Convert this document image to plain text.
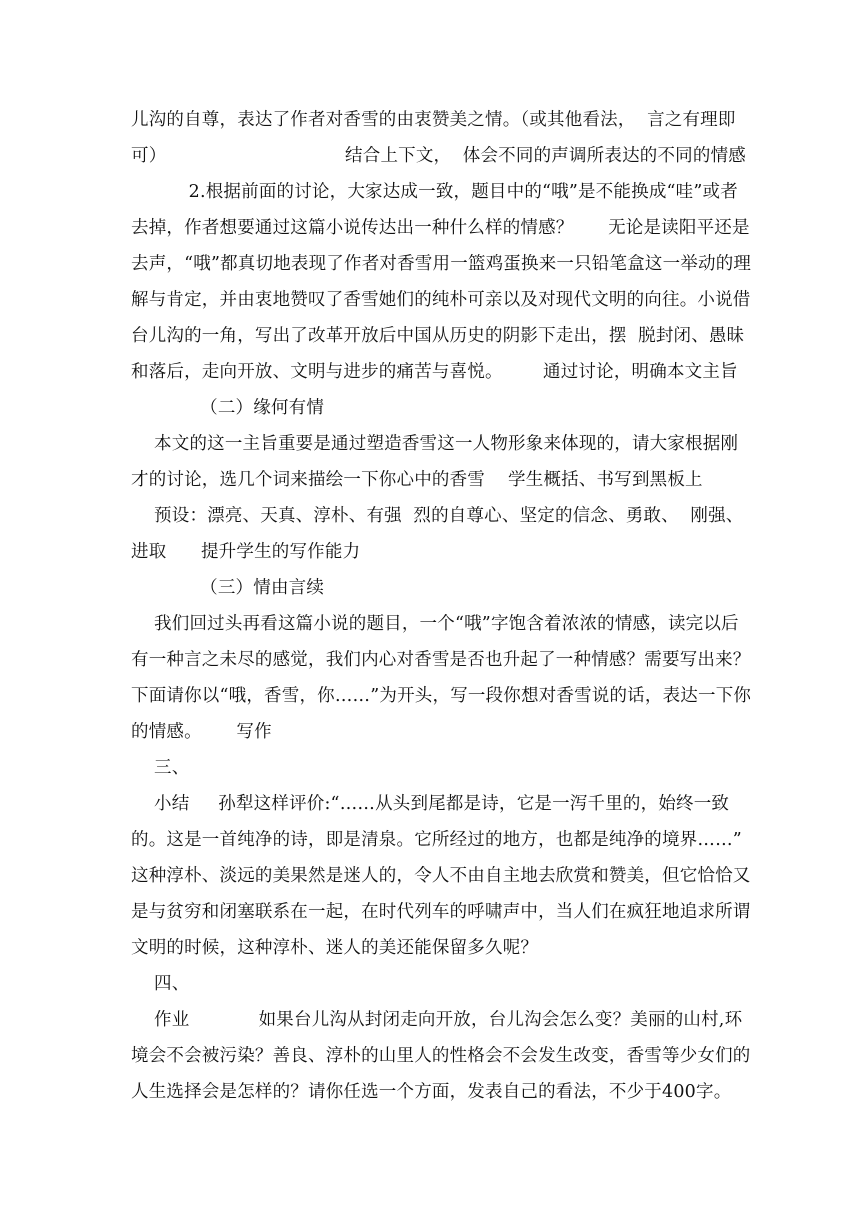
儿沟的自尊，表达了作者对香雪的由衷赞美之情。（或其他看法，  言之有理即
可）                               结合上下文，  体会不同的声调所表达的不同的情感
2.根据前面的讨论，大家达成一致，题目中的“哦”是不能换成“哇”或者
去掉，作者想要通过这篇小说传达出一种什么样的情感？      无论是读阳平还是
去声，“哦”都真切地表现了作者对香雪用一篮鸡蛋换来一只铅笔盒这一举动的理
解与肯定，并由衷地赞叹了香雪她们的纯朴可亲以及对现代文明的向往。小说借
台儿沟的一角，写出了改革开放后中国从历史的阴影下走出，摆  脱封闭、愚昧
和落后，走向开放、文明与进步的痛苦与喜悦。       通过讨论，明确本文主旨
（二）缘何有情
本文的这一主旨重要是通过塑造香雪这一人物形象来体现的，请大家根据刚
才的讨论，选几个词来描绘一下你心中的香雪    学生概括、书写到黑板上
预设：漂亮、天真、淳朴、有强  烈的自尊心、坚定的信念、勇敢、  刚强、
进取      提升学生的写作能力
（三）情由言续
我们回过头再看这篇小说的题目，一个“哦”字饱含着浓浓的情感，读完以后
有一种言之未尽的感觉，我们内心对香雪是否也升起了一种情感？需要写出来？
下面请你以“哦，香雪，你……”为开头，写一段你想对香雪说的话，表达一下你
的情感。      写作
三、
小结     孙犁这样评价:“……从头到尾都是诗，它是一泻千里的，始终一致
的。这是一首纯净的诗，即是清泉。它所经过的地方，也都是纯净的境界……”
这种淳朴、淡远的美果然是迷人的，令人不由自主地去欣赏和赞美，但它恰恰又
是与贫穷和闭塞联系在一起，在时代列车的呼啸声中，当人们在疯狂地追求所谓
文明的时候，这种淳朴、迷人的美还能保留多久呢？
四、
作业            如果台儿沟从封闭走向开放，台儿沟会怎么变？美丽的山村,环
境会不会被污染？善良、淳朴的山里人的性格会不会发生改变，香雪等少女们的
人生选择会是怎样的？请你任选一个方面，发表自己的看法，不少于400字。
